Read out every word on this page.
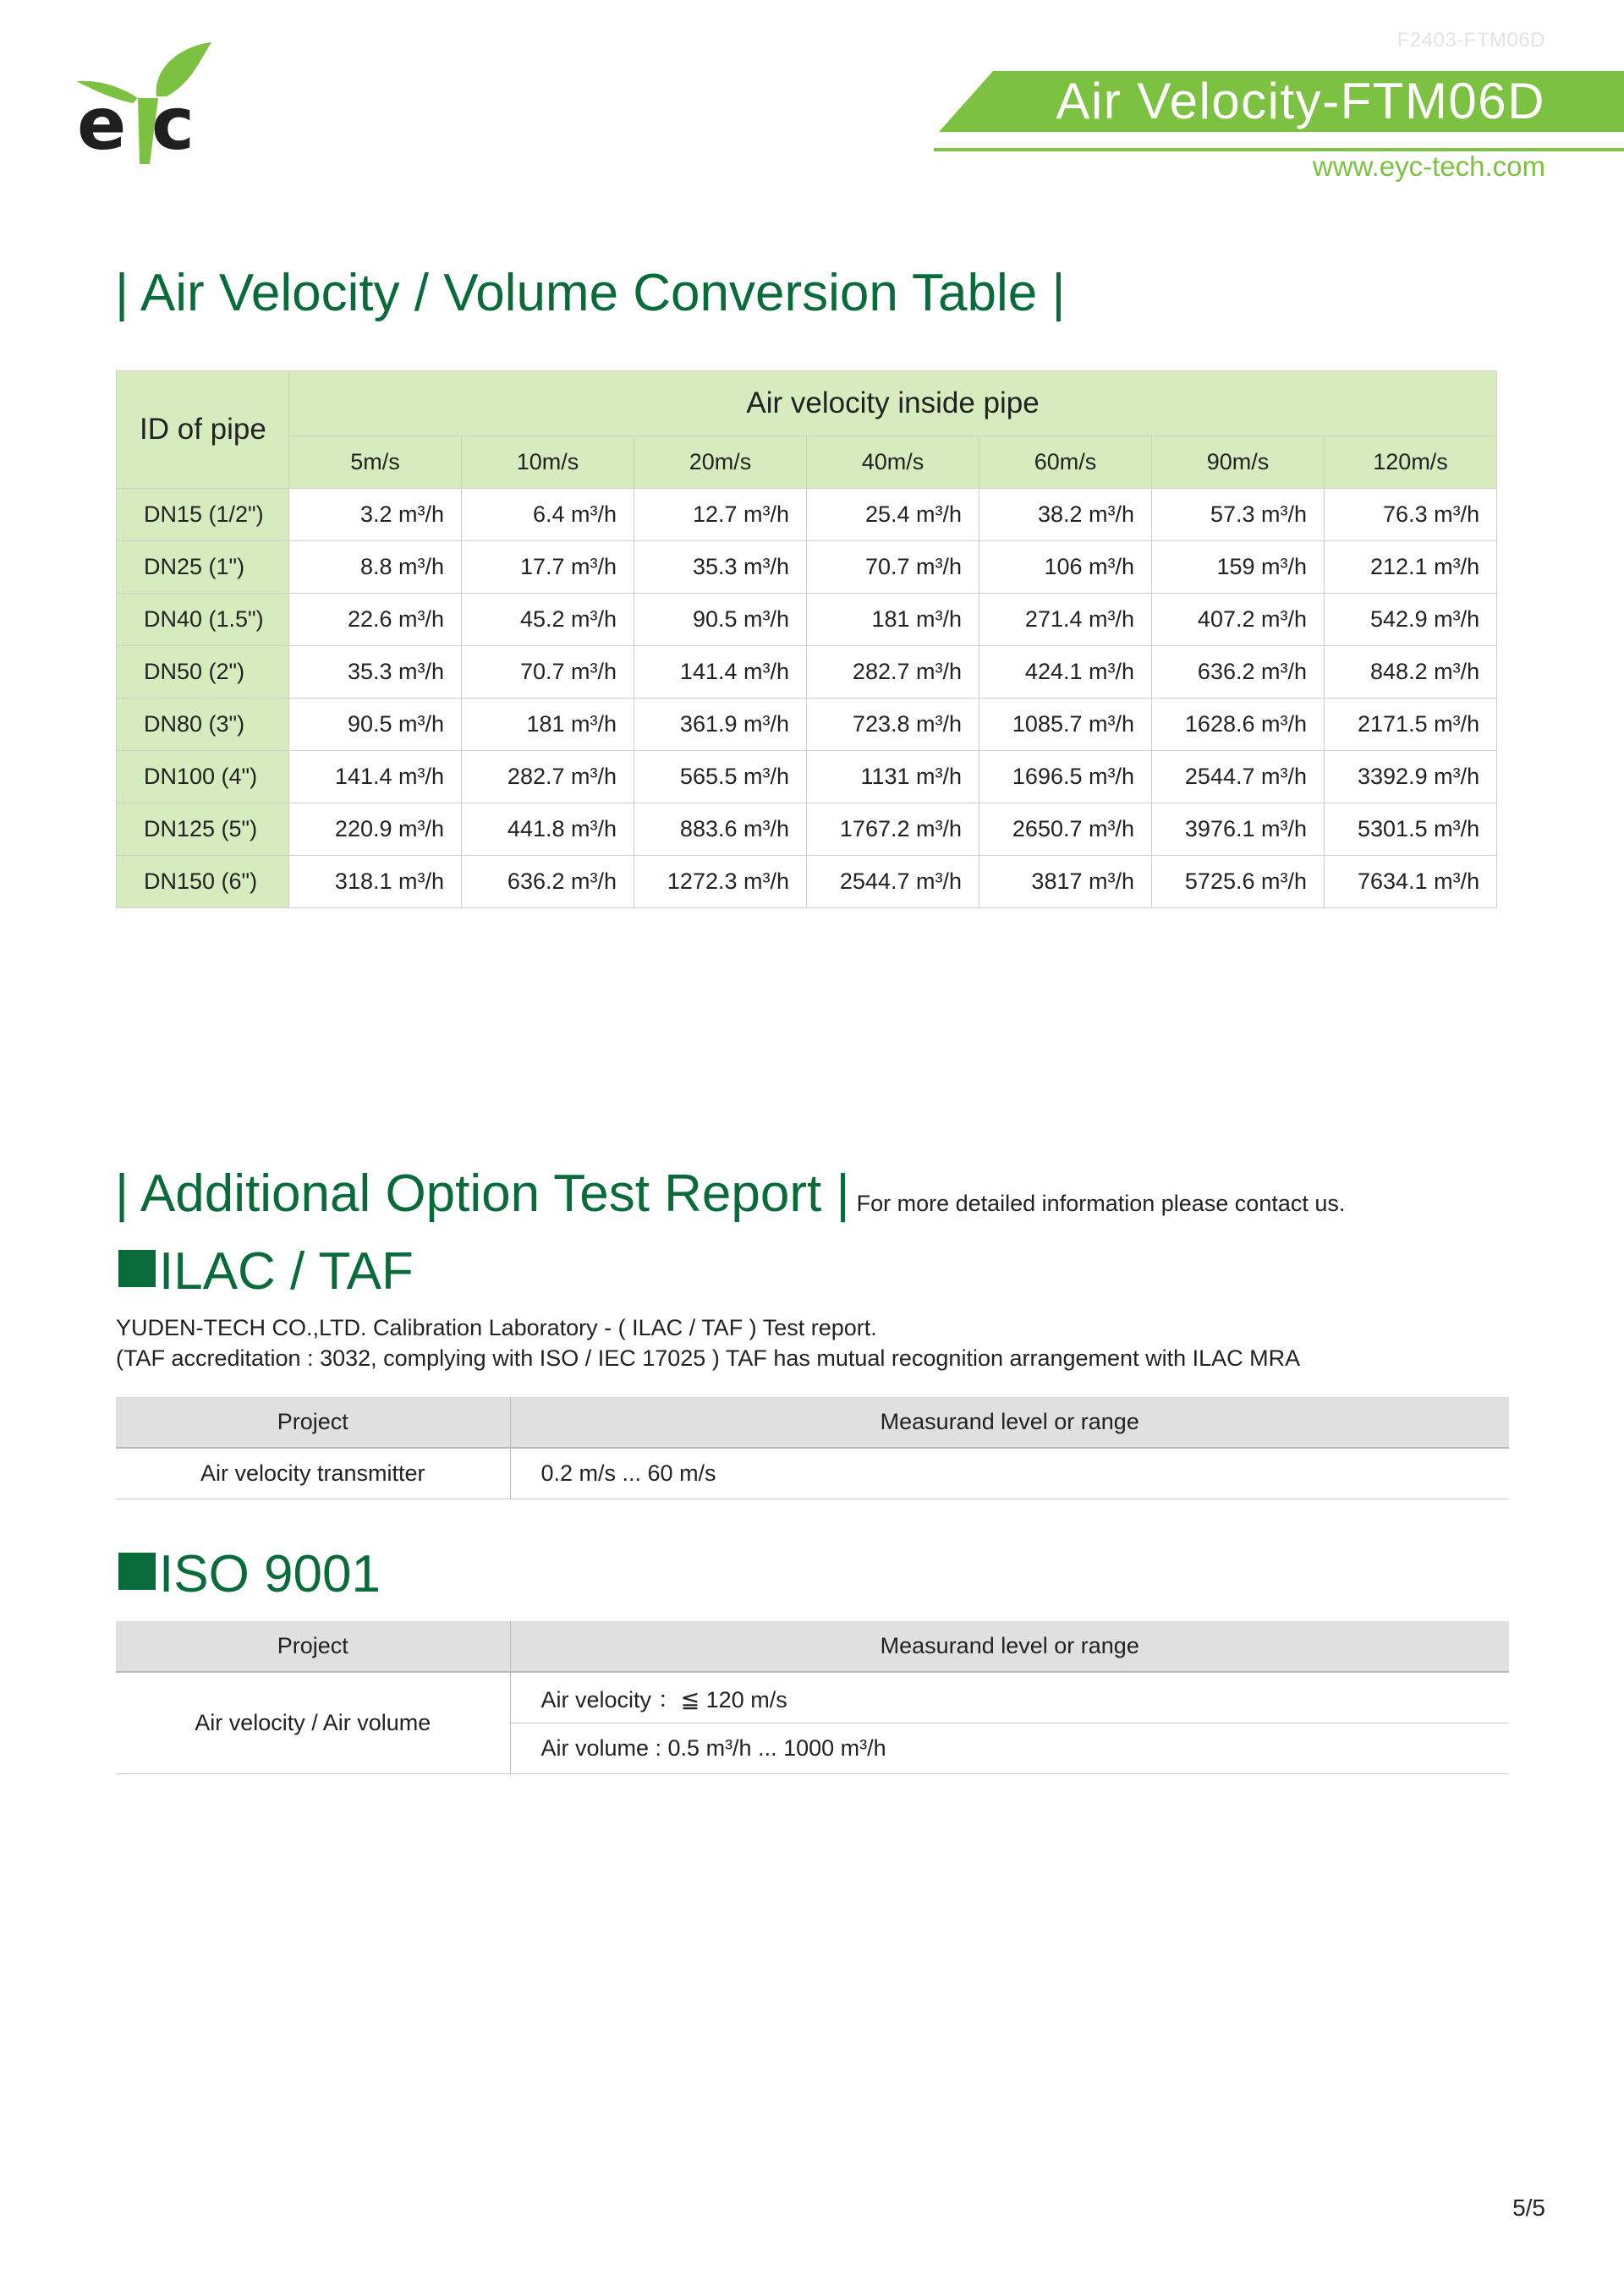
F2403-FTM06D
e c	Air Velocity-FTM06D
www.eyc-tech.com
| Air Velocity / Volume Conversion Table |
ID of pipe	Air velocity inside pipe						
	5m/s	10m/s	20m/s	40m/s	60m/s	90m/s	120m/s
DN15 (1/2")	3.2 m³/h	6.4 m³/h	12.7 m³/h	25.4 m³/h	38.2 m³/h	57.3 m³/h	76.3 m³/h
DN25 (1")	8.8 m³/h	17.7 m³/h	35.3 m³/h	70.7 m³/h	106 m³/h	159 m³/h	212.1 m³/h
DN40 (1.5")	22.6 m³/h	45.2 m³/h	90.5 m³/h	181 m³/h	271.4 m³/h	407.2 m³/h	542.9 m³/h
DN50 (2")	35.3 m³/h	70.7 m³/h	141.4 m³/h	282.7 m³/h	424.1 m³/h	636.2 m³/h	848.2 m³/h
DN80 (3")	90.5 m³/h	181 m³/h	361.9 m³/h	723.8 m³/h	1085.7 m³/h	1628.6 m³/h	2171.5 m³/h
DN100 (4")	141.4 m³/h	282.7 m³/h	565.5 m³/h	1131 m³/h	1696.5 m³/h	2544.7 m³/h	3392.9 m³/h
DN125 (5")	220.9 m³/h	441.8 m³/h	883.6 m³/h	1767.2 m³/h	2650.7 m³/h	3976.1 m³/h	5301.5 m³/h
DN150 (6")	318.1 m³/h	636.2 m³/h	1272.3 m³/h	2544.7 m³/h	3817 m³/h	5725.6 m³/h	7634.1 m³/h
| Additional Option Test Report | For more detailed information please contact us.
ILAC / TAF
YUDEN-TECH CO.,LTD. Calibration Laboratory - ( ILAC / TAF ) Test report.
(TAF accreditation : 3032, complying with ISO / IEC 17025 ) TAF has mutual recognition arrangement with ILAC MRA
Project	Measurand level or range
Air velocity transmitter	0.2 m/s ... 60 m/s
ISO 9001
Project	Measurand level or range
Air velocity / Air volume	Air velocity ：≦ 120 m/s
	Air volume : 0.5 m³/h ... 1000 m³/h
5/5
